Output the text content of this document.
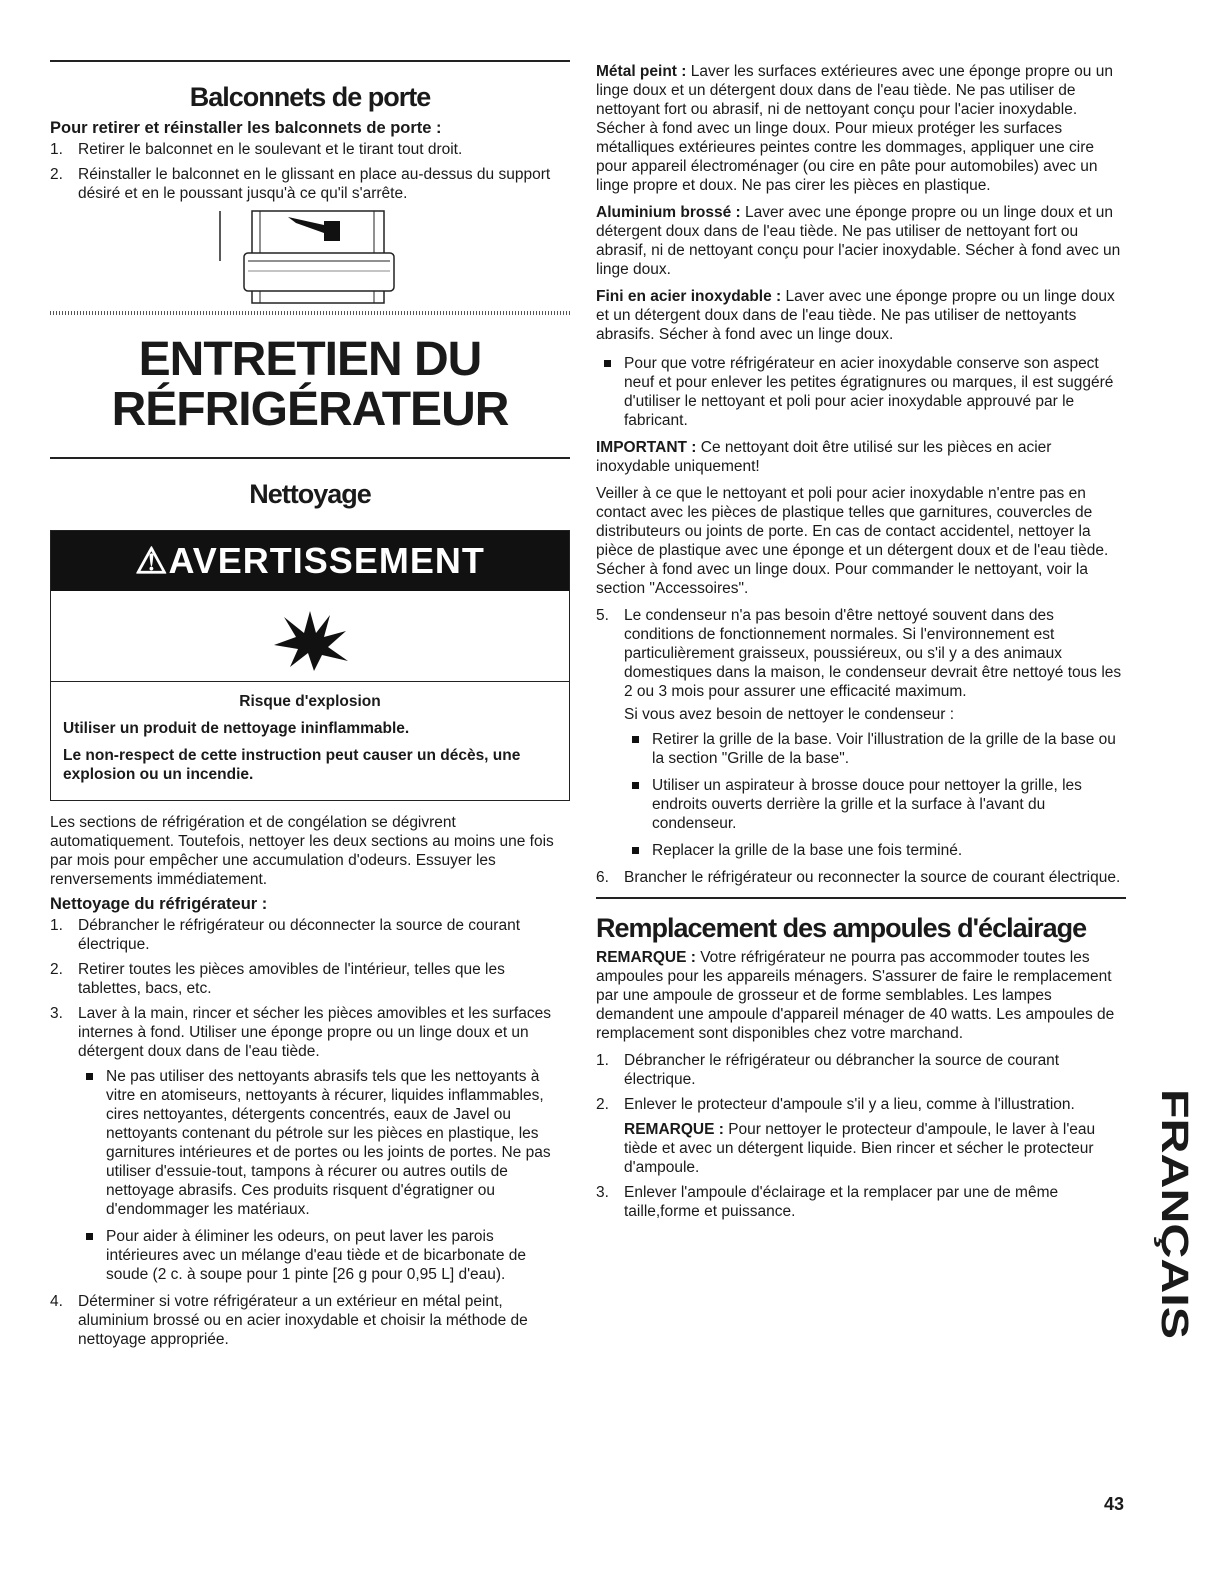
Balconnets de porte
Pour retirer et réinstaller les balconnets de porte :
1. Retirer le balconnet en le soulevant et le tirant tout droit.
2. Réinstaller le balconnet en le glissant en place au-dessus du support désiré et en le poussant jusqu'à ce qu'il s'arrête.
ENTRETIEN DU
RÉFRIGÉRATEUR
Nettoyage
⚠AVERTISSEMENT

Risque d'explosion

Utiliser un produit de nettoyage ininflammable.

Le non-respect de cette instruction peut causer un décès, une explosion ou un incendie.

Les sections de réfrigération et de congélation se dégivrent automatiquement. Toutefois, nettoyer les deux sections au moins une fois par mois pour empêcher une accumulation d'odeurs. Essuyer les renversements immédiatement.

Nettoyage du réfrigérateur :
1. Débrancher le réfrigérateur ou déconnecter la source de courant électrique.
2. Retirer toutes les pièces amovibles de l'intérieur, telles que les tablettes, bacs, etc.
3. Laver à la main, rincer et sécher les pièces amovibles et les surfaces internes à fond. Utiliser une éponge propre ou un linge doux et un détergent doux dans de l'eau tiède.
Ne pas utiliser des nettoyants abrasifs tels que les nettoyants à vitre en atomiseurs, nettoyants à récurer, liquides inflammables, cires nettoyantes, détergents concentrés, eaux de Javel ou nettoyants contenant du pétrole sur les pièces en plastique, les garnitures intérieures et de portes ou les joints de portes. Ne pas utiliser d'essuie-tout, tampons à récurer ou autres outils de nettoyage abrasifs. Ces produits risquent d'égratigner ou d'endommager les matériaux.
Pour aider à éliminer les odeurs, on peut laver les parois intérieures avec un mélange d'eau tiède et de bicarbonate de soude (2 c. à soupe pour 1 pinte [26 g pour 0,95 L] d'eau).
4. Déterminer si votre réfrigérateur a un extérieur en métal peint, aluminium brossé ou en acier inoxydable et choisir la méthode de nettoyage appropriée.

Métal peint : Laver les surfaces extérieures avec une éponge propre ou un linge doux et un détergent doux dans de l'eau tiède. Ne pas utiliser de nettoyant fort ou abrasif, ni de nettoyant conçu pour l'acier inoxydable. Sécher à fond avec un linge doux. Pour mieux protéger les surfaces métalliques extérieures peintes contre les dommages, appliquer une cire pour appareil électroménager (ou cire en pâte pour automobiles) avec un linge propre et doux. Ne pas cirer les pièces en plastique.

Aluminium brossé : Laver avec une éponge propre ou un linge doux et un détergent doux dans de l'eau tiède. Ne pas utiliser de nettoyant fort ou abrasif, ni de nettoyant conçu pour l'acier inoxydable. Sécher à fond avec un linge doux.

Fini en acier inoxydable : Laver avec une éponge propre ou un linge doux et un détergent doux dans de l'eau tiède. Ne pas utiliser de nettoyants abrasifs. Sécher à fond avec un linge doux.

Pour que votre réfrigérateur en acier inoxydable conserve son aspect neuf et pour enlever les petites égratignures ou marques, il est suggéré d'utiliser le nettoyant et poli pour acier inoxydable approuvé par le fabricant.

IMPORTANT : Ce nettoyant doit être utilisé sur les pièces en acier inoxydable uniquement!

Veiller à ce que le nettoyant et poli pour acier inoxydable n'entre pas en contact avec les pièces de plastique telles que garnitures, couvercles de distributeurs ou joints de porte. En cas de contact accidentel, nettoyer la pièce de plastique avec une éponge et un détergent doux et de l'eau tiède. Sécher à fond avec un linge doux. Pour commander le nettoyant, voir la section "Accessoires".

5. Le condenseur n'a pas besoin d'être nettoyé souvent dans des conditions de fonctionnement normales. Si l'environnement est particulièrement graisseux, poussiéreux, ou s'il y a des animaux domestiques dans la maison, le condenseur devrait être nettoyé tous les 2 ou 3 mois pour assurer une efficacité maximum.

Si vous avez besoin de nettoyer le condenseur :

Retirer la grille de la base. Voir l'illustration de la grille de la base ou la section "Grille de la base".
Utiliser un aspirateur à brosse douce pour nettoyer la grille, les endroits ouverts derrière la grille et la surface à l'avant du condenseur.
Replacer la grille de la base une fois terminé.
6. Brancher le réfrigérateur ou reconnecter la source de courant électrique.
Remplacement des ampoules d'éclairage

REMARQUE : Votre réfrigérateur ne pourra pas accommoder toutes les ampoules pour les appareils ménagers. S'assurer de faire le remplacement par une ampoule de grosseur et de forme semblables. Les lampes demandent une ampoule d'appareil ménager de 40 watts. Les ampoules de remplacement sont disponibles chez votre marchand.

1. Débrancher le réfrigérateur ou débrancher la source de courant électrique.
2. Enlever le protecteur d'ampoule s'il y a lieu, comme à l'illustration.

REMARQUE : Pour nettoyer le protecteur d'ampoule, le laver à l'eau tiède et avec un détergent liquide. Bien rincer et sécher le protecteur d'ampoule.

3. Enlever l'ampoule d'éclairage et la remplacer par une de même taille,forme et puissance.	FRANÇAIS
43
